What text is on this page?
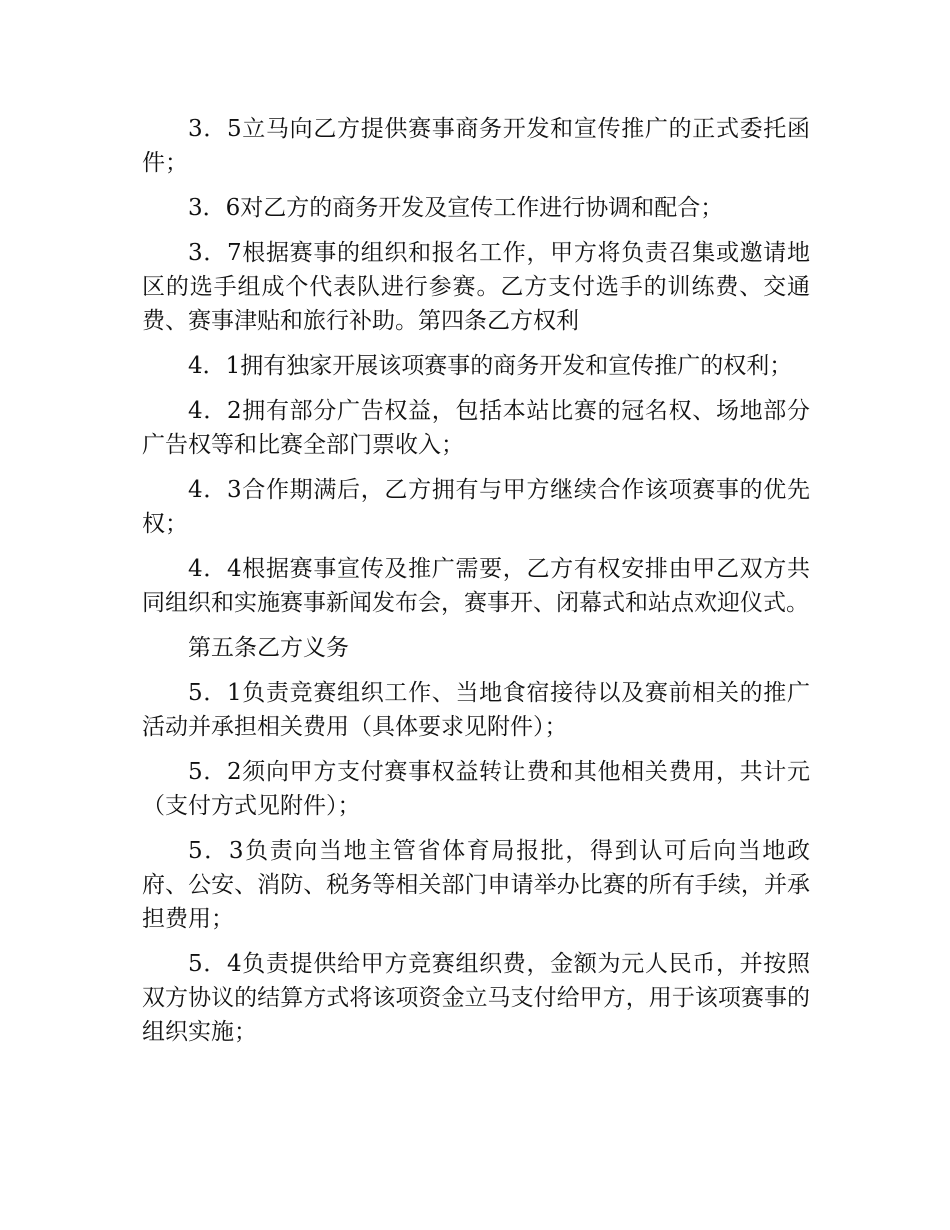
3．5立马向乙方提供赛事商务开发和宣传推广的正式委托函件；

3．6对乙方的商务开发及宣传工作进行协调和配合；

3．7根据赛事的组织和报名工作，甲方将负责召集或邀请地区的选手组成个代表队进行参赛。乙方支付选手的训练费、交通费、赛事津贴和旅行补助。第四条乙方权利

4．1拥有独家开展该项赛事的商务开发和宣传推广的权利；

4．2拥有部分广告权益，包括本站比赛的冠名权、场地部分广告权等和比赛全部门票收入；

4．3合作期满后，乙方拥有与甲方继续合作该项赛事的优先权；

4．4根据赛事宣传及推广需要，乙方有权安排由甲乙双方共同组织和实施赛事新闻发布会，赛事开、闭幕式和站点欢迎仪式。

第五条乙方义务

5．1负责竞赛组织工作、当地食宿接待以及赛前相关的推广活动并承担相关费用（具体要求见附件）；

5．2须向甲方支付赛事权益转让费和其他相关费用，共计元（支付方式见附件）；

5．3负责向当地主管省体育局报批，得到认可后向当地政府、公安、消防、税务等相关部门申请举办比赛的所有手续，并承担费用；

5．4负责提供给甲方竞赛组织费，金额为元人民币，并按照双方协议的结算方式将该项资金立马支付给甲方，用于该项赛事的组织实施；
